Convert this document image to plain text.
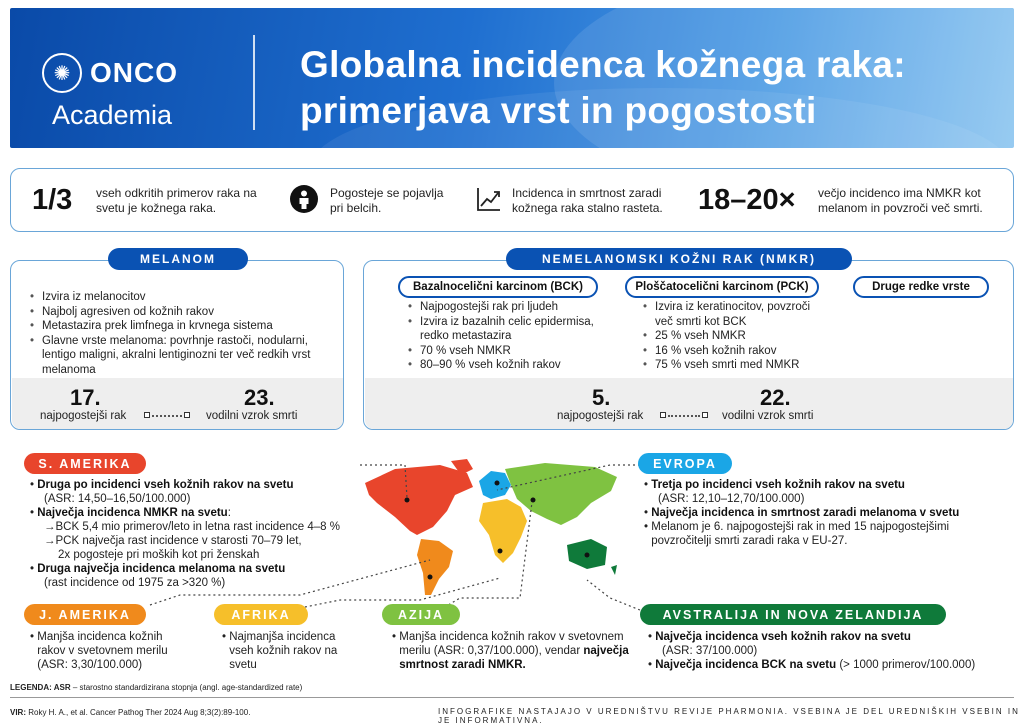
✺ ONCO
Academia
Globalna incidenca kožnega raka:
primerjava vrst in pogostosti
1/3 vseh odkritih primerov raka na svetu je kožnega raka.
Pogosteje se pojavlja pri belcih.
Incidenca in smrtnost zaradi kožnega raka stalno rasteta.	18–20× večjo incidenco ima NMKR kot melanom in povzroči več smrti.
MELANOM
• Izvira iz melanocitov
• Najbolj agresiven od kožnih rakov
• Metastazira prek limfnega in krvnega sistema
• Glavne vrste melanoma: povrhnje rastoči, nodularni, lentigo maligni, akralni lentiginozni ter več redkih vrst melanoma
17.
najpogostejši rak
23.
vodilni vzrok smrti
NEMELANOMSKI KOŽNI RAK (NMKR)
Bazalnocelični karcinom (BCK)	Ploščatocelični karcinom (PCK)	Druge redke vrste
• Najpogostejši rak pri ljudeh
• Izvira iz bazalnih celic epidermisa, redko metastazira
• 70 % vseh NMKR
• 80–90 % vseh kožnih rakov
• Izvira iz keratinocitov, povzroči več smrti kot BCK
• 25 % vseh NMKR
• 16 % vseh kožnih rakov
• 75 % vseh smrti med NMKR
5.
najpogostejši rak
22.
vodilni vzrok smrti
S. AMERIKA
• Druga po incidenci vseh kožnih rakov na svetu
(ASR: 14,50–16,50/100.000)
• Največja incidenca NMKR na svetu:
→BCK 5,4 mio primerov/leto in letna rast incidence 4–8 %
→PCK največja rast incidence v starosti 70–79 let,
2x pogosteje pri moških kot pri ženskah
• Druga največja incidenca melanoma na svetu
(rast incidence od 1975 za >320 %)
EVROPA
• Tretja po incidenci vseh kožnih rakov na svetu
(ASR: 12,10–12,70/100.000)
• Največja incidenca in smrtnost zaradi melanoma v svetu
• Melanom je 6. najpogostejši rak in med 15 najpogostejšimi povzročitelji smrti zaradi raka v EU-27.
J. AMERIKA
• Manjša incidenca kožnih rakov v svetovnem merilu (ASR: 3,30/100.000)
AFRIKA
• Najmanjša incidenca vseh kožnih rakov na svetu
AZIJA
• Manjša incidenca kožnih rakov v svetovnem merilu (ASR: 0,37/100.000), vendar največja smrtnost zaradi NMKR.
AVSTRALIJA IN NOVA ZELANDIJA
• Največja incidenca vseh kožnih rakov na svetu
(ASR: 37/100.000)
• Največja incidenca BCK na svetu (> 1000 primerov/100.000)
LEGENDA: ASR – starostno standardizirana stopnja (angl. age-standardized rate)
VIR: Roky H. A., et al. Cancer Pathog Ther 2024 Aug 8;3(2):89-100.	INFOGRAFIKE NASTAJAJO V UREDNIŠTVU REVIJE PHARMONIA. VSEBINA JE DEL UREDNIŠKIH VSEBIN IN JE INFORMATIVNA.
